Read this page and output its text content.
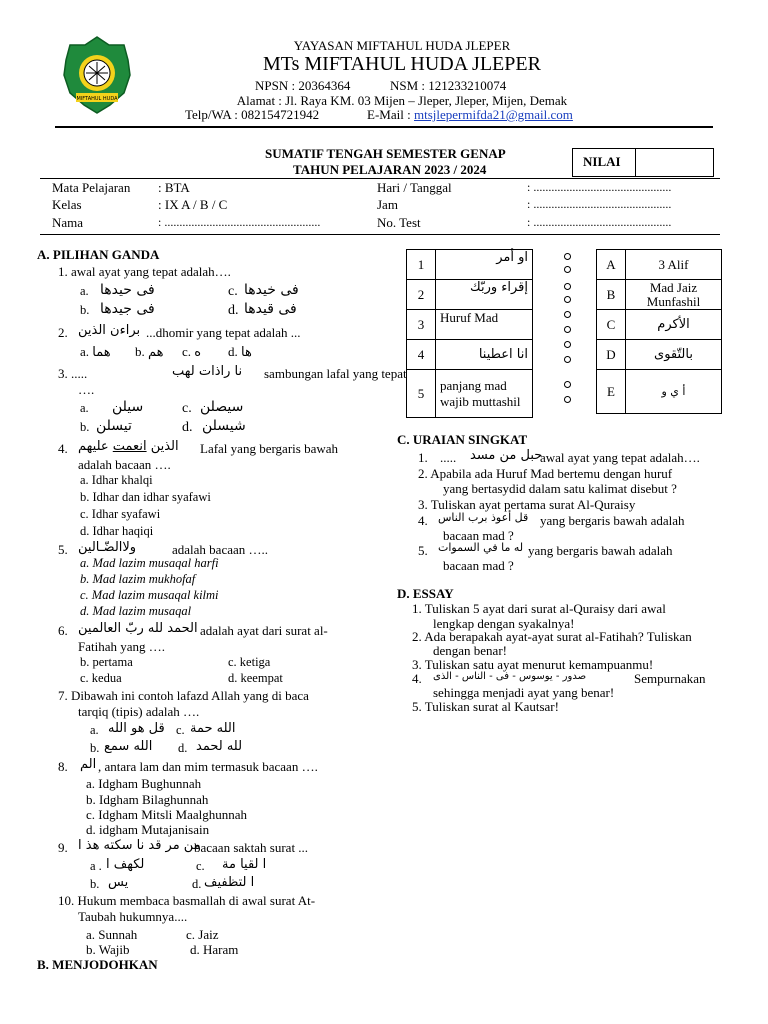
MIFTAHUL HUDA
YAYASAN MIFTAHUL HUDA JLEPER
MTs MIFTAHUL HUDA JLEPER
NPSN : 20364364	NSM : 121233210074
Alamat : Jl. Raya KM. 03 Mijen – Jleper, Jleper, Mijen, Demak
Telp/WA : 082154721942	E-Mail : mtsjlepermifda21@gmail.com
SUMATIF TENGAH SEMESTER GENAP
TAHUN PELAJARAN 2023 / 2024
NILAI
Mata Pelajaran : BTA
Kelas	: IX A / B / C
Nama	: ....................................................
Hari / Tanggal	: ..............................................
Jam	: ..............................................
No. Test	: ..............................................
A. PILIHAN GANDA
1. awal ayat yang tepat adalah….
a. فى حيدها	c. فى خيدها
b. فى جيدها	d. فى قيدها
2. براءن الذين ...dhomir yang tepat adalah ...
a. هما b. هم c. ه d. ها
3. .....	نا راذات لهب sambungan lafal yang tepat
….
a. سيلن	c. سيصلن
b. تيسلن	d. شيسلن
4. عليهم انعمت الذين Lafal yang bergaris bawah
adalah bacaan ….
a. Idhar khalqi
b. Idhar dan idhar syafawi
c. Idhar syafawi
d. Idhar haqiqi
5. ولاالضّـالين	adalah bacaan …..
a. Mad lazim musaqal harfi
b. Mad lazim mukhofaf
c. Mad lazim musaqal kilmi
d. Mad lazim musaqal
6. الحمد لله ربّ العالمين adalah ayat dari surat al-
Fatihah yang ….
b. pertama	c. ketiga
c. kedua	d. keempat
7. Dibawah ini contoh lafazd Allah yang di baca
tarqiq (tipis) adalah ….
a. قل هو الله c. الله حمة
b. الله سمع d. لله لحمد
8. الم , antara lam dan mim termasuk bacaan ….
a. Idgham Bughunnah
b. Idgham Bilaghunnah
c. Idgham Mitsli Maalghunnah
d. idgham Mutajanisain
9. من مر قد نا سكته هذ ا
bacaan saktah surat ...
a . لكهف ا	c. ا لقيا مة
b. يس	d. ا لتظفيف
10. Hukum membaca basmallah di awal surat At-
Taubah hukumnya....
a. Sunnah	c. Jaiz
b. Wajib	d. Haram
B. MENJODOHKAN
1	او أمر
2	إقراء وربّك
3	Huruf Mad
4	انا اعطينا
5	panjang mad wajib muttashil
A	3 Alif
B	Mad Jaiz Munfashil
C	الأكرم
D	بالتّقوى
E	أ ي و
C. URAIAN SINGKAT
1. ..... حبل من مسد
awal ayat yang tepat adalah….
2. Apabila ada Huruf Mad bertemu dengan huruf
yang bertasydid dalam satu kalimat disebut ?
3. Tuliskan ayat pertama surat Al-Quraisy
4. قل أعوذ برب الناس yang bergaris bawah adalah
bacaan mad ?
5. له ما في السموات yang bergaris bawah adalah
bacaan mad ?
D. ESSAY
1. Tuliskan 5 ayat dari surat al-Quraisy dari awal
lengkap dengan syakalnya!
2. Ada berapakah ayat-ayat surat al-Fatihah? Tuliskan
dengan benar!
3. Tuliskan satu ayat menurut kemampuanmu!
4. صدور - يوسوس - فى - الناس - الذى	Sempurnakan
sehingga menjadi ayat yang benar!
5. Tuliskan surat al Kautsar!
